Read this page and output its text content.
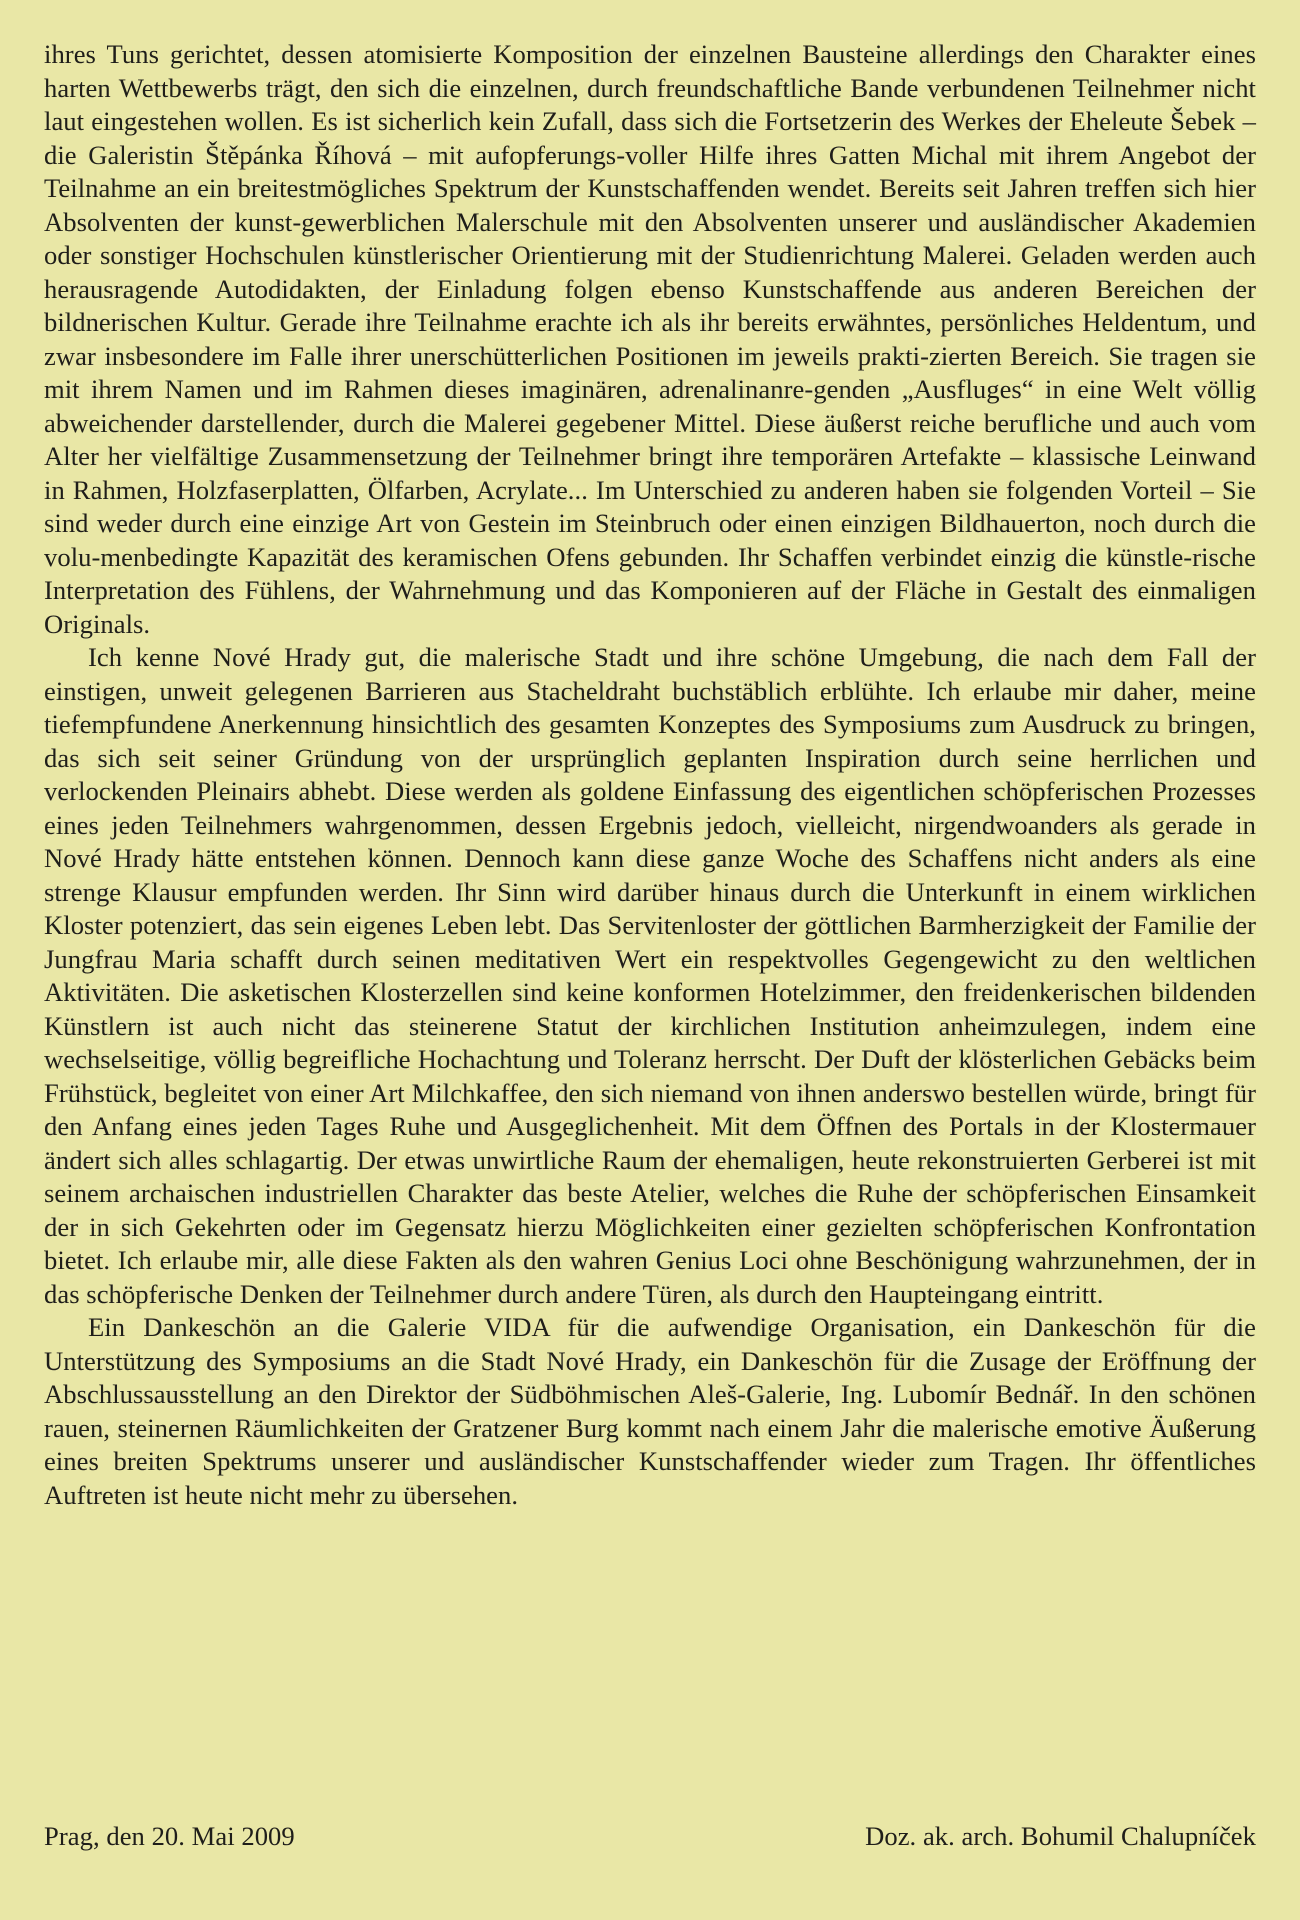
ihres Tuns gerichtet, dessen atomisierte Komposition der einzelnen Bausteine allerdings den Charakter eines harten Wettbewerbs trägt, den sich die einzelnen, durch freundschaftliche Bande verbundenen Teilnehmer nicht laut eingestehen wollen. Es ist sicherlich kein Zufall, dass sich die Fortsetzerin des Werkes der Eheleute Šebek – die Galeristin Štěpánka Říhová – mit aufopferungs-voller Hilfe ihres Gatten Michal mit ihrem Angebot der Teilnahme an ein breitestmögliches Spektrum der Kunstschaffenden wendet. Bereits seit Jahren treffen sich hier Absolventen der kunst-gewerblichen Malerschule mit den Absolventen unserer und ausländischer Akademien oder sonstiger Hochschulen künstlerischer Orientierung mit der Studienrichtung Malerei. Geladen werden auch herausragende Autodidakten, der Einladung folgen ebenso Kunstschaffende aus anderen Bereichen der bildnerischen Kultur. Gerade ihre Teilnahme erachte ich als ihr bereits erwähntes, persönliches Heldentum, und zwar insbesondere im Falle ihrer unerschütterlichen Positionen im jeweils prakti-zierten Bereich. Sie tragen sie mit ihrem Namen und im Rahmen dieses imaginären, adrenalinanre-genden „Ausfluges“ in eine Welt völlig abweichender darstellender, durch die Malerei gegebener Mittel. Diese äußerst reiche berufliche und auch vom Alter her vielfältige Zusammensetzung der Teilnehmer bringt ihre temporären Artefakte – klassische Leinwand in Rahmen, Holzfaserplatten, Ölfarben, Acrylate... Im Unterschied zu anderen haben sie folgenden Vorteil – Sie sind weder durch eine einzige Art von Gestein im Steinbruch oder einen einzigen Bildhauerton, noch durch die volu-menbedingte Kapazität des keramischen Ofens gebunden. Ihr Schaffen verbindet einzig die künstle-rische Interpretation des Fühlens, der Wahrnehmung und das Komponieren auf der Fläche in Gestalt des einmaligen Originals.

Ich kenne Nové Hrady gut, die malerische Stadt und ihre schöne Umgebung, die nach dem Fall der einstigen, unweit gelegenen Barrieren aus Stacheldraht buchstäblich erblühte. Ich erlaube mir daher, meine tiefempfundene Anerkennung hinsichtlich des gesamten Konzeptes des Symposiums zum Ausdruck zu bringen, das sich seit seiner Gründung von der ursprünglich geplanten Inspiration durch seine herrlichen und verlockenden Pleinairs abhebt. Diese werden als goldene Einfassung des eigentlichen schöpferischen Prozesses eines jeden Teilnehmers wahrgenommen, dessen Ergebnis jedoch, vielleicht, nirgendwoanders als gerade in Nové Hrady hätte entstehen können. Dennoch kann diese ganze Woche des Schaffens nicht anders als eine strenge Klausur empfunden werden. Ihr Sinn wird darüber hinaus durch die Unterkunft in einem wirklichen Kloster potenziert, das sein eigenes Leben lebt. Das Servitenloster der göttlichen Barmherzigkeit der Familie der Jungfrau Maria schafft durch seinen meditativen Wert ein respektvolles Gegengewicht zu den weltlichen Aktivitäten. Die asketischen Klosterzellen sind keine konformen Hotelzimmer, den freidenkerischen bildenden Künstlern ist auch nicht das steinerene Statut der kirchlichen Institution anheimzulegen, indem eine wechselseitige, völlig begreifliche Hochachtung und Toleranz herrscht. Der Duft der klösterlichen Gebäcks beim Frühstück, begleitet von einer Art Milchkaffee, den sich niemand von ihnen anderswo bestellen würde, bringt für den Anfang eines jeden Tages Ruhe und Ausgeglichenheit. Mit dem Öffnen des Portals in der Klostermauer ändert sich alles schlagartig. Der etwas unwirtliche Raum der ehemaligen, heute rekonstruierten Gerberei ist mit seinem archaischen industriellen Charakter das beste Atelier, welches die Ruhe der schöpferischen Einsamkeit der in sich Gekehrten oder im Gegensatz hierzu Möglichkeiten einer gezielten schöpferischen Konfrontation bietet. Ich erlaube mir, alle diese Fakten als den wahren Genius Loci ohne Beschönigung wahrzunehmen, der in das schöpferische Denken der Teilnehmer durch andere Türen, als durch den Haupteingang eintritt.

Ein Dankeschön an die Galerie VIDA für die aufwendige Organisation, ein Dankeschön für die Unterstützung des Symposiums an die Stadt Nové Hrady, ein Dankeschön für die Zusage der Eröffnung der Abschlussausstellung an den Direktor der Südböhmischen Aleš-Galerie, Ing. Lubomír Bednář. In den schönen rauen, steinernen Räumlichkeiten der Gratzener Burg kommt nach einem Jahr die malerische emotive Äußerung eines breiten Spektrums unserer und ausländischer Kunstschaffender wieder zum Tragen. Ihr öffentliches Auftreten ist heute nicht mehr zu übersehen.

Prag, den 20. Mai 2009	Doz. ak. arch. Bohumil Chalupníček
